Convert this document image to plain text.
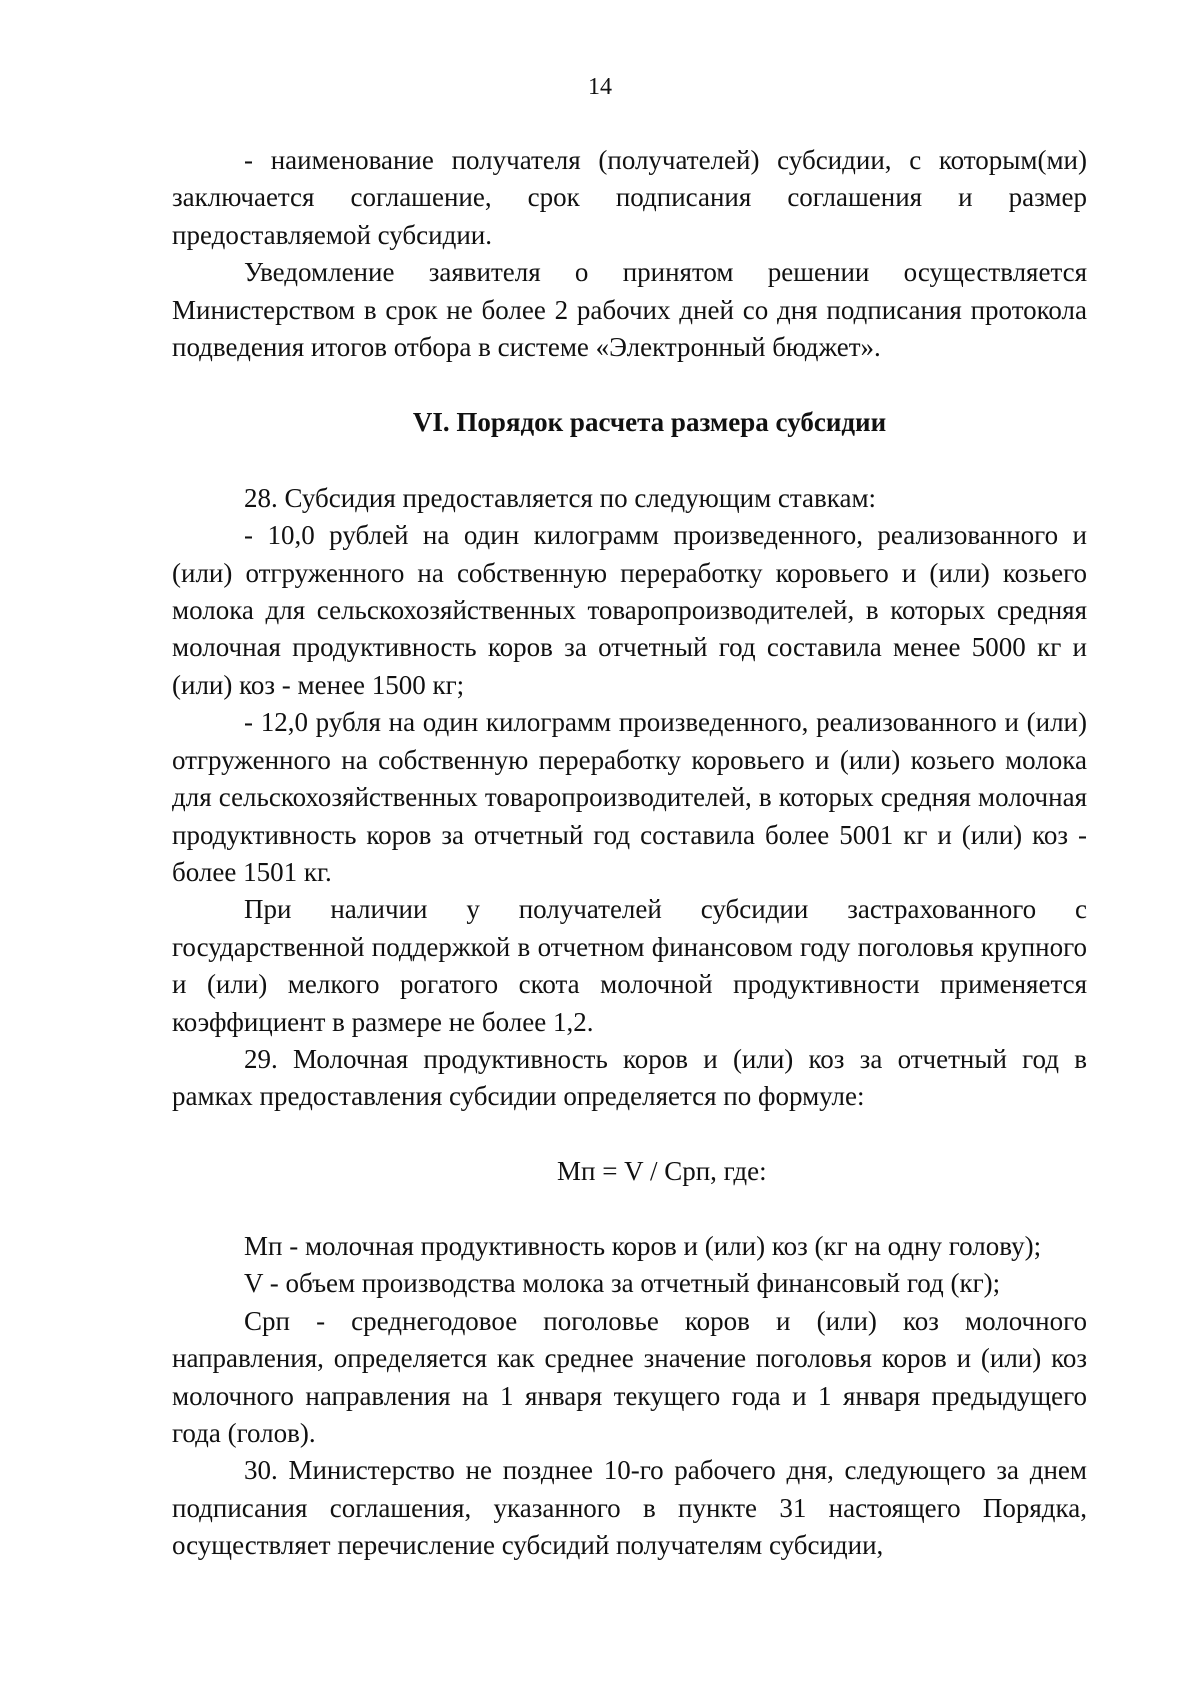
14

- наименование получателя (получателей) субсидии, с которым(ми) заключается соглашение, срок подписания соглашения и размер предоставляемой субсидии.

Уведомление заявителя о принятом решении осуществляется Министерством в срок не более 2 рабочих дней со дня подписания протокола подведения итогов отбора в системе «Электронный бюджет».

VI. Порядок расчета размера субсидии

28. Субсидия предоставляется по следующим ставкам:

- 10,0 рублей на один килограмм произведенного, реализованного и (или) отгруженного на собственную переработку коровьего и (или) козьего молока для сельскохозяйственных товаропроизводителей, в которых средняя молочная продуктивность коров за отчетный год составила менее 5000 кг и (или) коз - менее 1500 кг;

- 12,0 рубля на один килограмм произведенного, реализованного и (или) отгруженного на собственную переработку коровьего и (или) козьего молока для сельскохозяйственных товаропроизводителей, в которых средняя молочная продуктивность коров за отчетный год составила более 5001 кг и (или) коз - более 1501 кг.

При наличии у получателей субсидии застрахованного с государственной поддержкой в отчетном финансовом году поголовья крупного и (или) мелкого рогатого скота молочной продуктивности применяется коэффициент в размере не более 1,2.

29. Молочная продуктивность коров и (или) коз за отчетный год в рамках предоставления субсидии определяется по формуле:

Мп = V / Срп, где:

Мп - молочная продуктивность коров и (или) коз (кг на одну голову);

V - объем производства молока за отчетный финансовый год (кг);

Срп - среднегодовое поголовье коров и (или) коз молочного направления, определяется как среднее значение поголовья коров и (или) коз молочного направления на 1 января текущего года и 1 января предыдущего года (голов).

30. Министерство не позднее 10-го рабочего дня, следующего за днем подписания соглашения, указанного в пункте 31 настоящего Порядка, осуществляет перечисление субсидий получателям субсидии,
